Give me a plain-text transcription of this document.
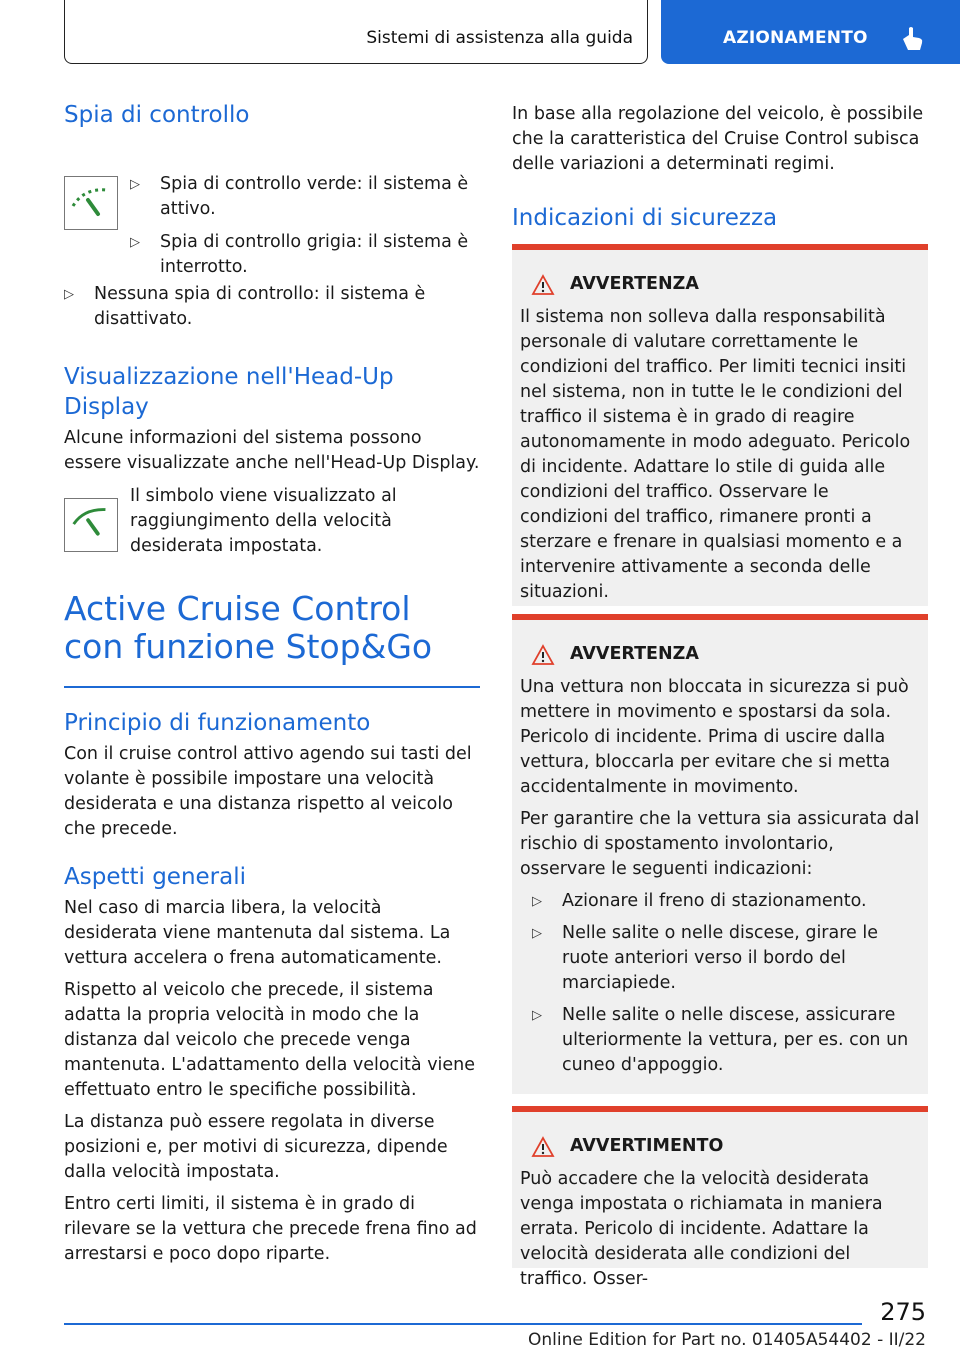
Sistemi di assistenza alla guida	AZIONAMENTO
Spia di controllo
▷ Spia di controllo verde: il sistema è attivo.
▷ Spia di controllo grigia: il sistema è interrotto.
▷ Nessuna spia di controllo: il sistema è disattivato.
Visualizzazione nell'Head-Up Display

Alcune informazioni del sistema possono essere visualizzate anche nell'Head-Up Display.

Il simbolo viene visualizzato al raggiungimento della velocità desiderata impostata.

Active Cruise Control con funzione Stop&Go
Principio di funzionamento

Con il cruise control attivo agendo sui tasti del volante è possibile impostare una velocità desiderata e una distanza rispetto al veicolo che precede.

Aspetti generali

Nel caso di marcia libera, la velocità desiderata viene mantenuta dal sistema. La vettura accelera o frena automaticamente.

Rispetto al veicolo che precede, il sistema adatta la propria velocità in modo che la distanza dal veicolo che precede venga mantenuta. L'adattamento della velocità viene effettuato entro le specifiche possibilità.

La distanza può essere regolata in diverse posizioni e, per motivi di sicurezza, dipende dalla velocità impostata.

Entro certi limiti, il sistema è in grado di rilevare se la vettura che precede frena fino ad arrestarsi e poco dopo riparte.

In base alla regolazione del veicolo, è possibile che la caratteristica del Cruise Control subisca delle variazioni a determinati regimi.

Indicazioni di sicurezza
AVVERTENZA

Il sistema non solleva dalla responsabilità personale di valutare correttamente le condizioni del traffico. Per limiti tecnici insiti nel sistema, non in tutte le le condizioni del traffico il sistema è in grado di reagire autonomamente in modo adeguato. Pericolo di incidente. Adattare lo stile di guida alle condizioni del traffico. Osservare le condizioni del traffico, rimanere pronti a sterzare e frenare in qualsiasi momento e a intervenire attivamente a seconda delle situazioni.

AVVERTENZA

Una vettura non bloccata in sicurezza si può mettere in movimento e spostarsi da sola. Pericolo di incidente. Prima di uscire dalla vettura, bloccarla per evitare che si metta accidentalmente in movimento.

Per garantire che la vettura sia assicurata dal rischio di spostamento involontario, osservare le seguenti indicazioni:

▷ Azionare il freno di stazionamento.
▷ Nelle salite o nelle discese, girare le ruote anteriori verso il bordo del marciapiede.
▷ Nelle salite o nelle discese, assicurare ulteriormente la vettura, per es. con un cuneo d'appoggio.
AVVERTIMENTO

Può accadere che la velocità desiderata venga impostata o richiamata in maniera errata. Pericolo di incidente. Adattare la velocità desiderata alle condizioni del traffico. Osser-

275
Online Edition for Part no. 01405A54402 - II/22
